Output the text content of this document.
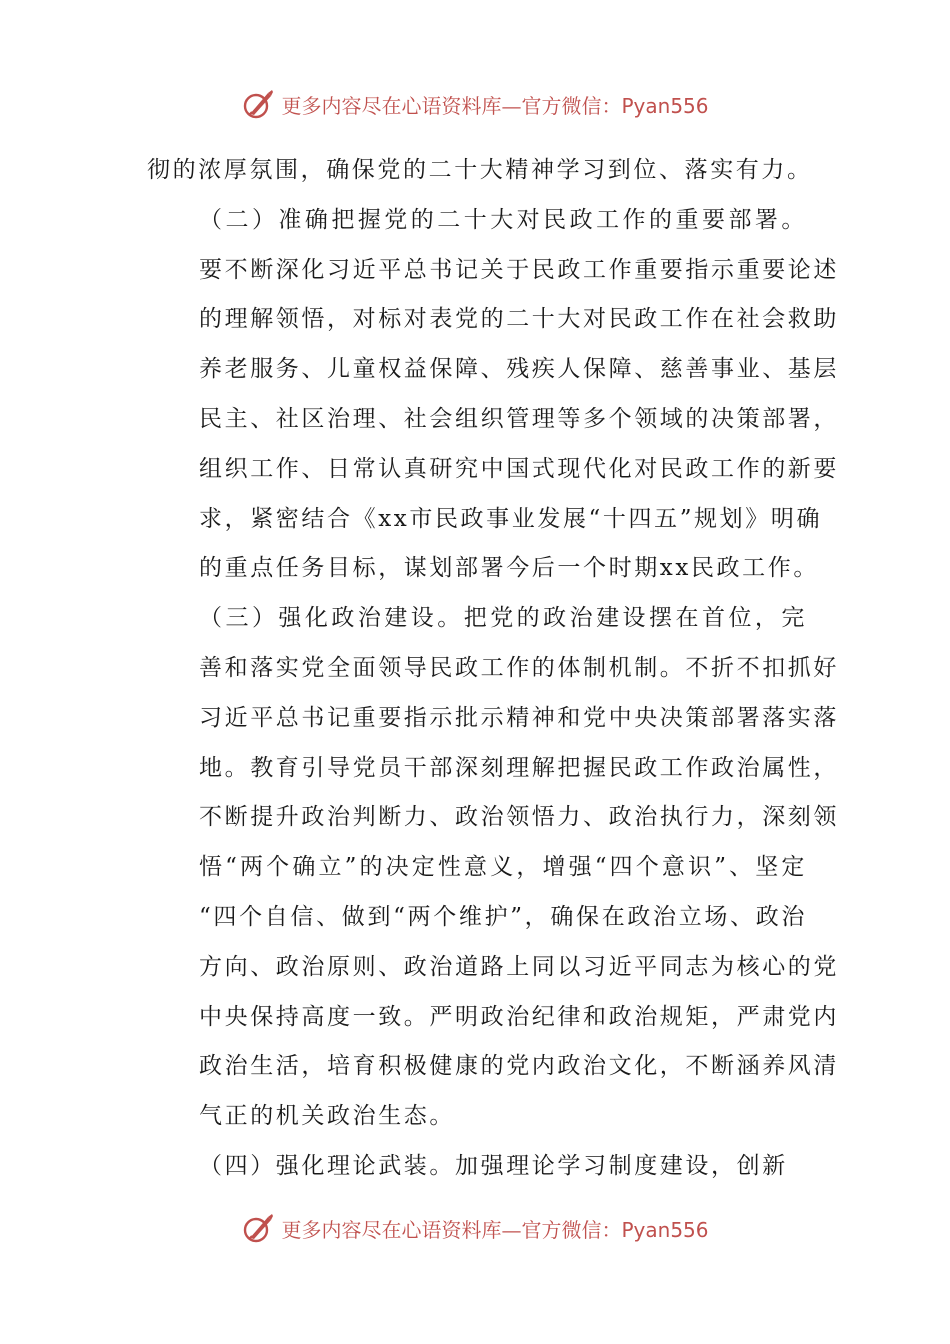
更多内容尽在心语资料库—官方微信：Pyan556

彻的浓厚氛围，确保党的二十大精神学习到位、落实有力。

（二）准确把握党的二十大对民政工作的重要部署。
要不断深化习近平总书记关于民政工作重要指示重要论述
的理解领悟，对标对表党的二十大对民政工作在社会救助
养老服务、儿童权益保障、残疾人保障、慈善事业、基层
民主、社区治理、社会组织管理等多个领域的决策部署，
组织工作、日常认真研究中国式现代化对民政工作的新要
求，紧密结合《xx市民政事业发展“十四五”规划》明确
的重点任务目标，谋划部署今后一个时期xx民政工作。

（三）强化政治建设。把党的政治建设摆在首位，完
善和落实党全面领导民政工作的体制机制。不折不扣抓好
习近平总书记重要指示批示精神和党中央决策部署落实落
地。教育引导党员干部深刻理解把握民政工作政治属性，
不断提升政治判断力、政治领悟力、政治执行力，深刻领
悟“两个确立”的决定性意义，增强“四个意识”、坚定
“四个自信、做到“两个维护”，确保在政治立场、政治
方向、政治原则、政治道路上同以习近平同志为核心的党
中央保持高度一致。严明政治纪律和政治规矩，严肃党内
政治生活，培育积极健康的党内政治文化，不断涵养风清
气正的机关政治生态。

（四）强化理论武装。加强理论学习制度建设，创新

更多内容尽在心语资料库—官方微信：Pyan556
